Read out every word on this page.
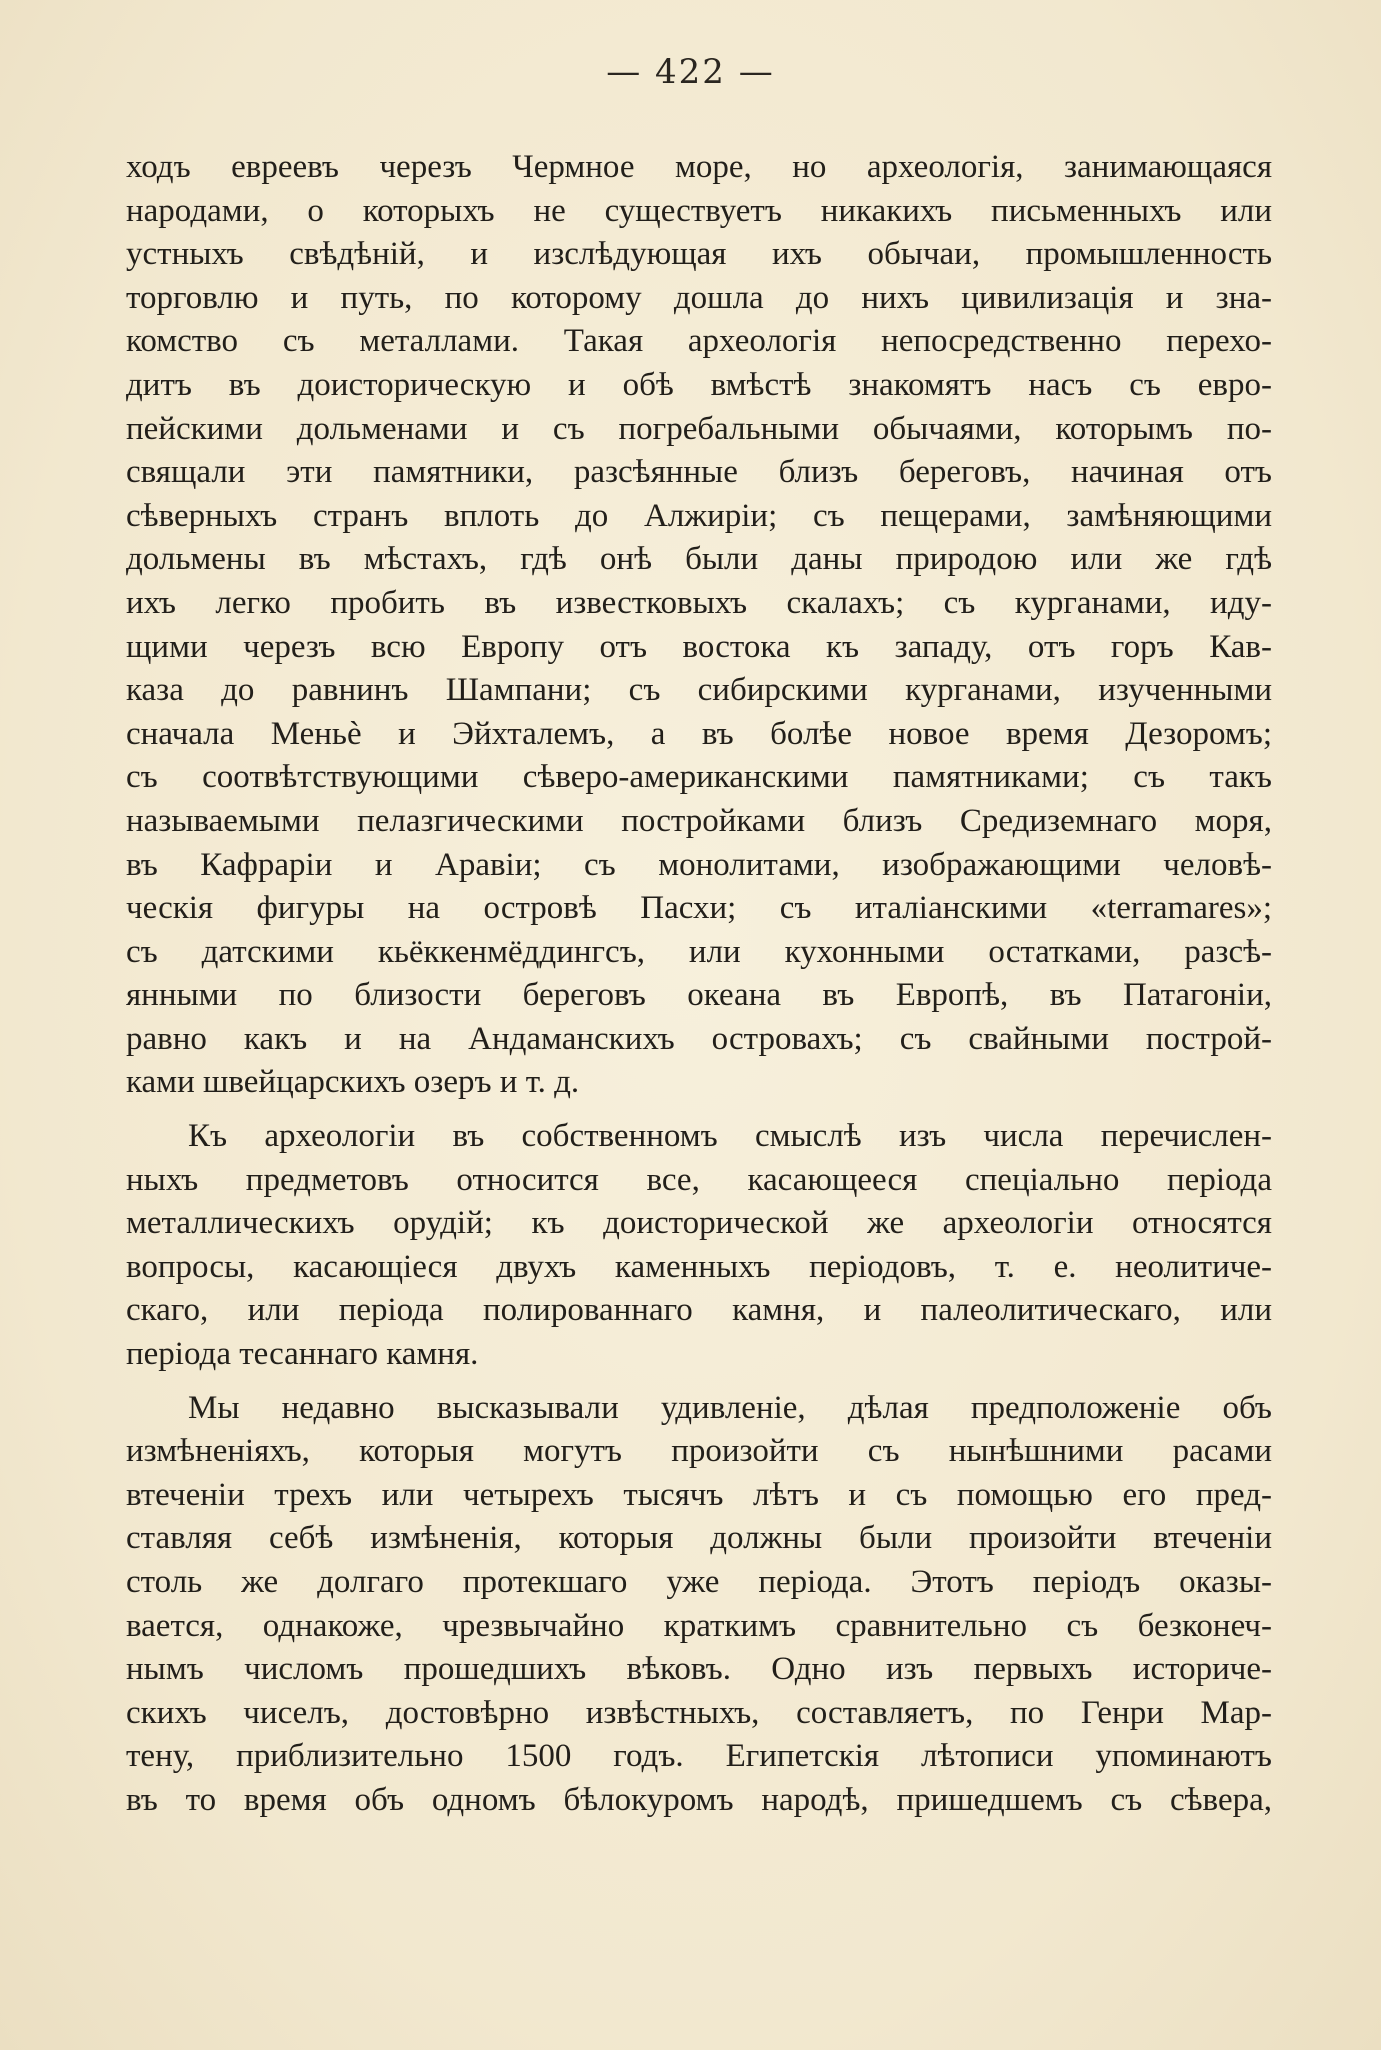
— 422 —
ходъ евреевъ черезъ Чермное море, но археологія, занимающаяся
народами, о которыхъ не существуетъ никакихъ письменныхъ или
устныхъ свѣдѣній, и изслѣдующая ихъ обычаи, промышленность
торговлю и путь, по которому дошла до нихъ цивилизація и зна-
комство съ металлами. Такая археологія непосредственно перехо-
дитъ въ доисторическую и обѣ вмѣстѣ знакомятъ насъ съ евро-
пейскими дольменами и съ погребальными обычаями, которымъ по-
свящали эти памятники, разсѣянные близъ береговъ, начиная отъ
сѣверныхъ странъ вплоть до Алжиріи; съ пещерами, замѣняющими
дольмены въ мѣстахъ, гдѣ онѣ были даны природою или же гдѣ
ихъ легко пробить въ известковыхъ скалахъ; съ курганами, иду-
щими черезъ всю Европу отъ востока къ западу, отъ горъ Кав-
каза до равнинъ Шампани; съ сибирскими курганами, изученными
сначала Меньѐ и Эйхталемъ, а въ болѣе новое время Дезоромъ;
съ соотвѣтствующими сѣверо-американскими памятниками; съ такъ
называемыми пелазгическими постройками близъ Средиземнаго моря,
въ Кафраріи и Аравіи; съ монолитами, изображающими человѣ-
ческія фигуры на островѣ Пасхи; съ италіанскими «terramares»;
съ датскими кьёккенмёддингсъ, или кухонными остатками, разсѣ-
янными по близости береговъ океана въ Европѣ, въ Патагоніи,
равно какъ и на Андаманскихъ островахъ; съ свайными построй-
ками швейцарскихъ озеръ и т. д.
Къ археологіи въ собственномъ смыслѣ изъ числа перечислен-
ныхъ предметовъ относится все, касающееся спеціально періода
металлическихъ орудій; къ доисторической же археологіи относятся
вопросы, касающіеся двухъ каменныхъ періодовъ, т. е. неолитиче-
скаго, или періода полированнаго камня, и палеолитическаго, или
періода тесаннаго камня.
Мы недавно высказывали удивленіе, дѣлая предположеніе объ
измѣненіяхъ, которыя могутъ произойти съ нынѣшними расами
втеченіи трехъ или четырехъ тысячъ лѣтъ и съ помощью его пред-
ставляя себѣ измѣненія, которыя должны были произойти втеченіи
столь же долгаго протекшаго уже періода. Этотъ періодъ оказы-
вается, однакоже, чрезвычайно краткимъ сравнительно съ безконеч-
нымъ числомъ прошедшихъ вѣковъ. Одно изъ первыхъ историче-
скихъ чиселъ, достовѣрно извѣстныхъ, составляетъ, по Генри Мар-
тену, приблизительно 1500 годъ. Египетскія лѣтописи упоминаютъ
въ то время объ одномъ бѣлокуромъ народѣ, пришедшемъ съ сѣвера,
